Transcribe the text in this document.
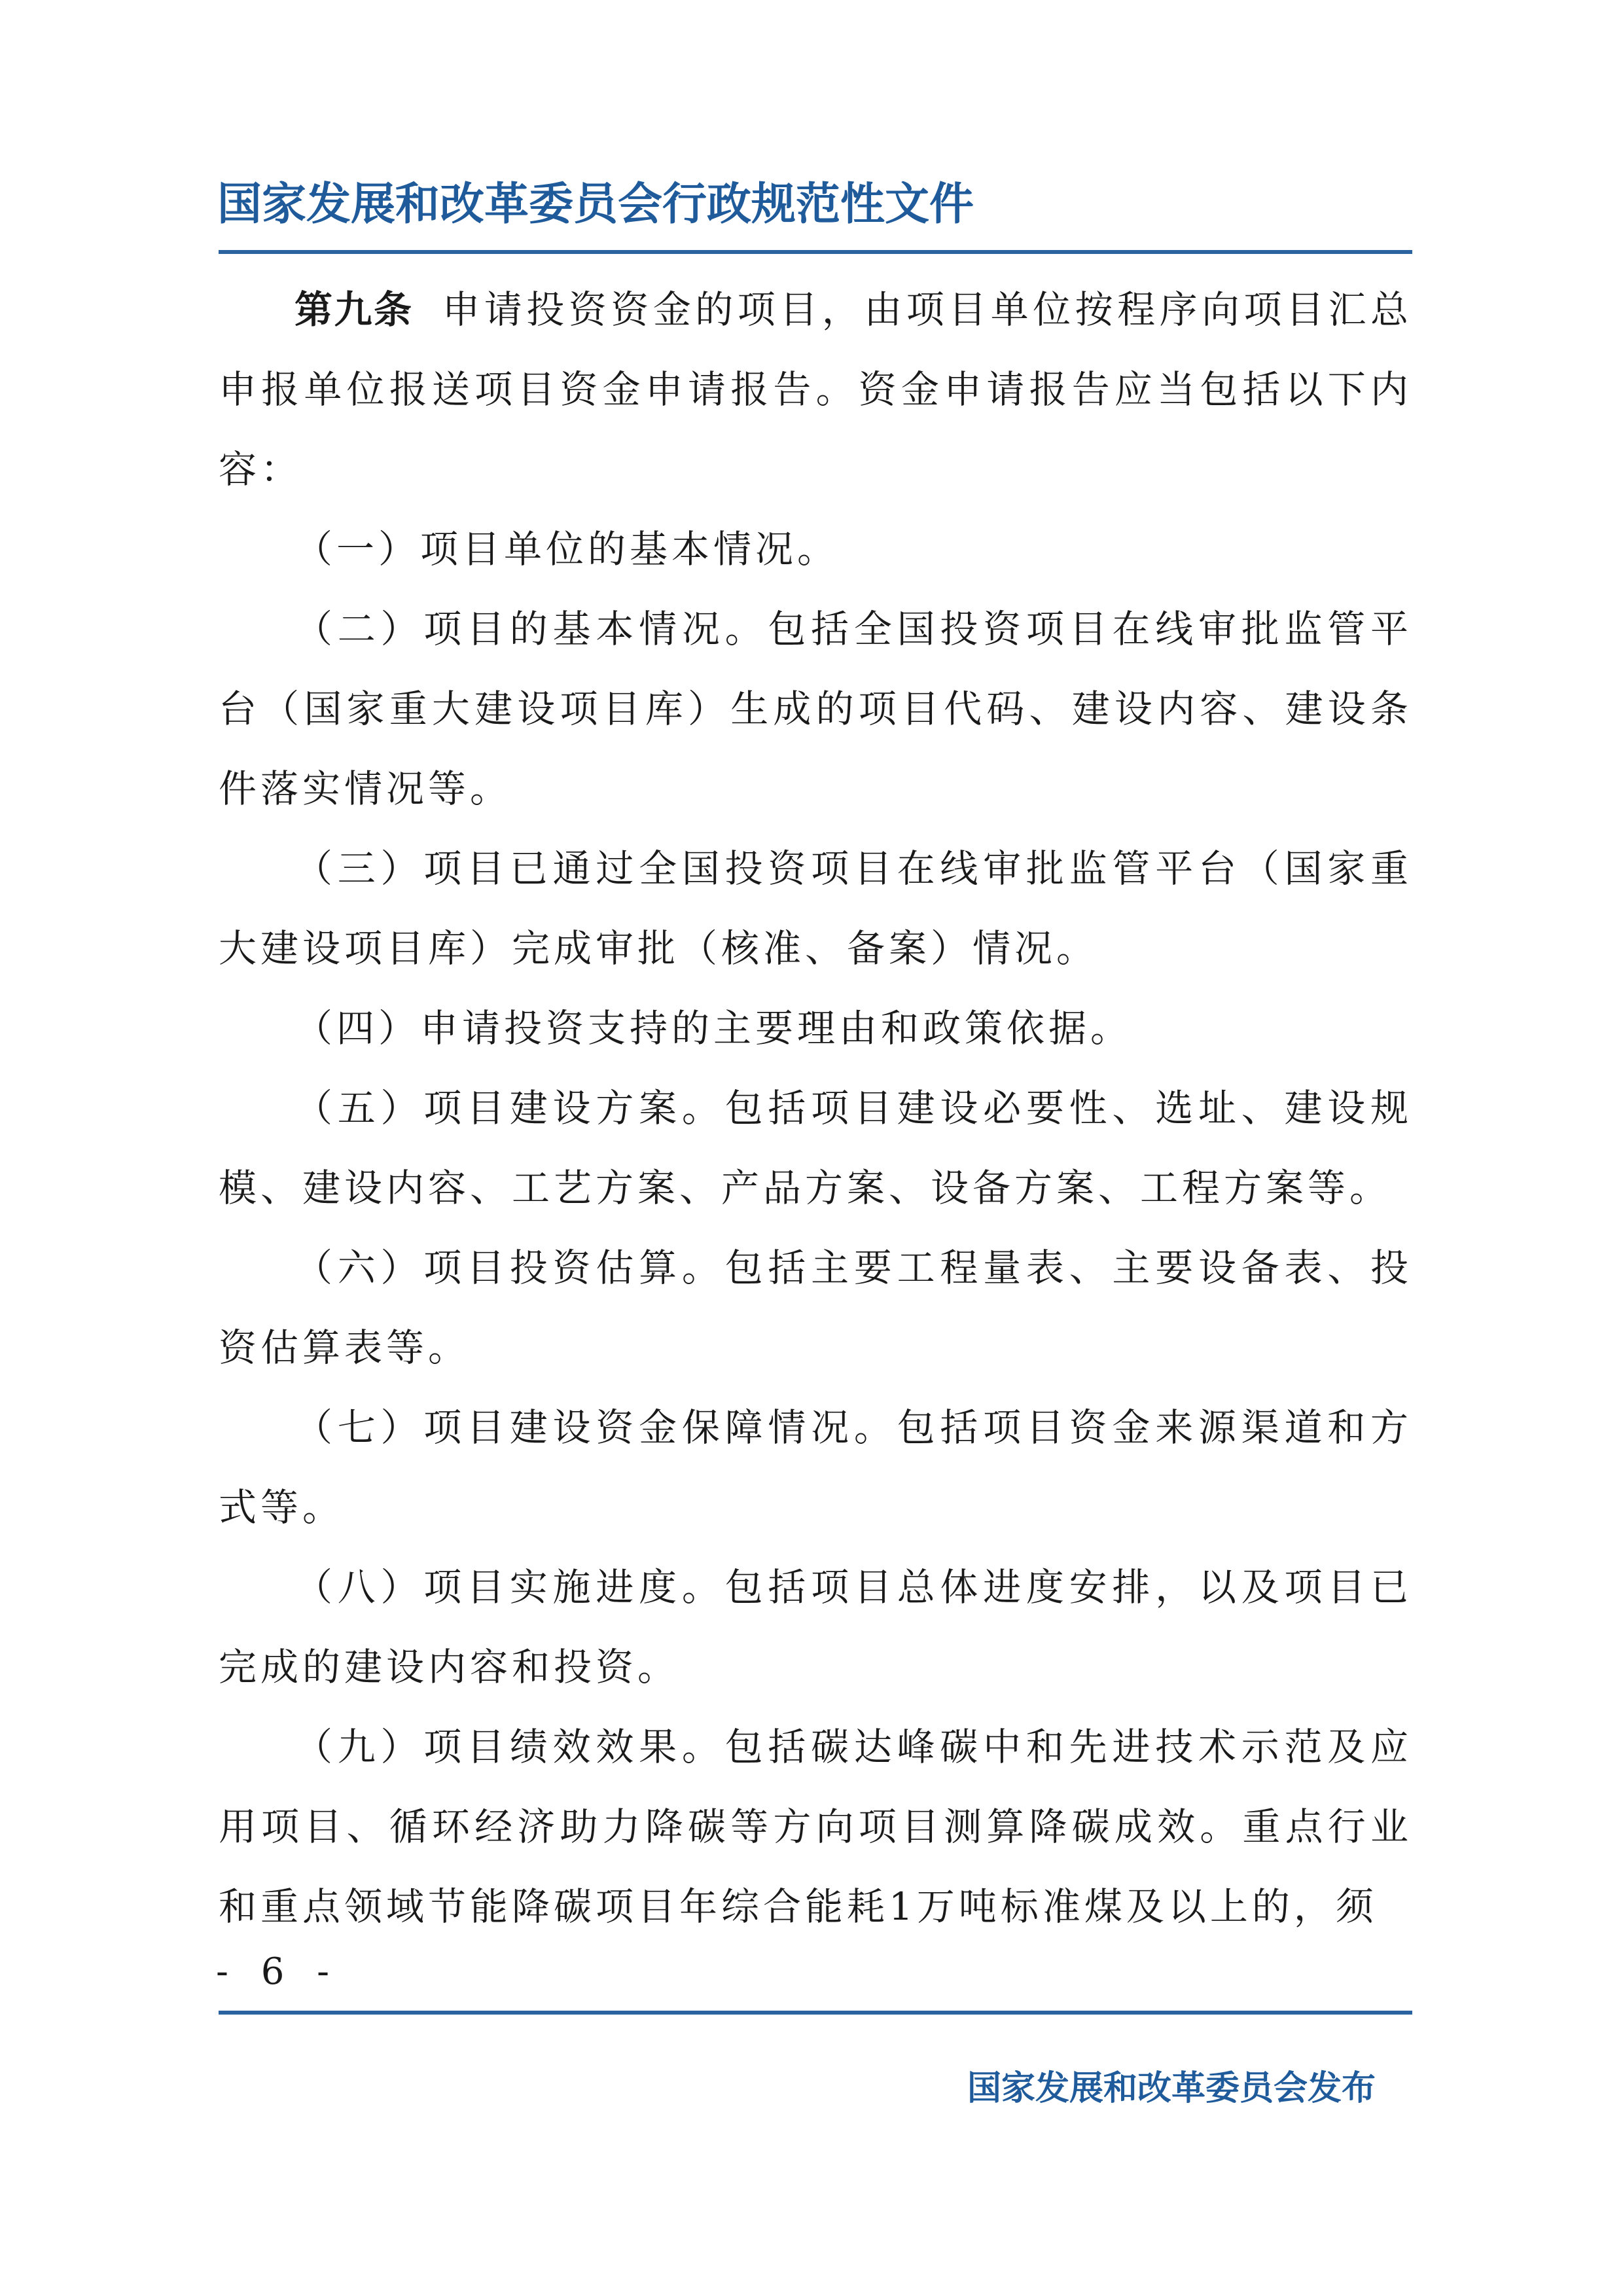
国家发展和改革委员会行政规范性文件

第九条 申请投资资金的项目，由项目单位按程序向项目汇总申报单位报送项目资金申请报告。资金申请报告应当包括以下内容：

（一）项目单位的基本情况。

（二）项目的基本情况。包括全国投资项目在线审批监管平台（国家重大建设项目库）生成的项目代码、建设内容、建设条件落实情况等。

（三）项目已通过全国投资项目在线审批监管平台（国家重大建设项目库）完成审批（核准、备案）情况。

（四）申请投资支持的主要理由和政策依据。

（五）项目建设方案。包括项目建设必要性、选址、建设规模、建设内容、工艺方案、产品方案、设备方案、工程方案等。

（六）项目投资估算。包括主要工程量表、主要设备表、投资估算表等。

（七）项目建设资金保障情况。包括项目资金来源渠道和方式等。

（八）项目实施进度。包括项目总体进度安排，以及项目已完成的建设内容和投资。

（九）项目绩效效果。包括碳达峰碳中和先进技术示范及应用项目、循环经济助力降碳等方向项目测算降碳成效。重点行业和重点领域节能降碳项目年综合能耗1万吨标准煤及以上的，须

- 6 -
国家发展和改革委员会发布
